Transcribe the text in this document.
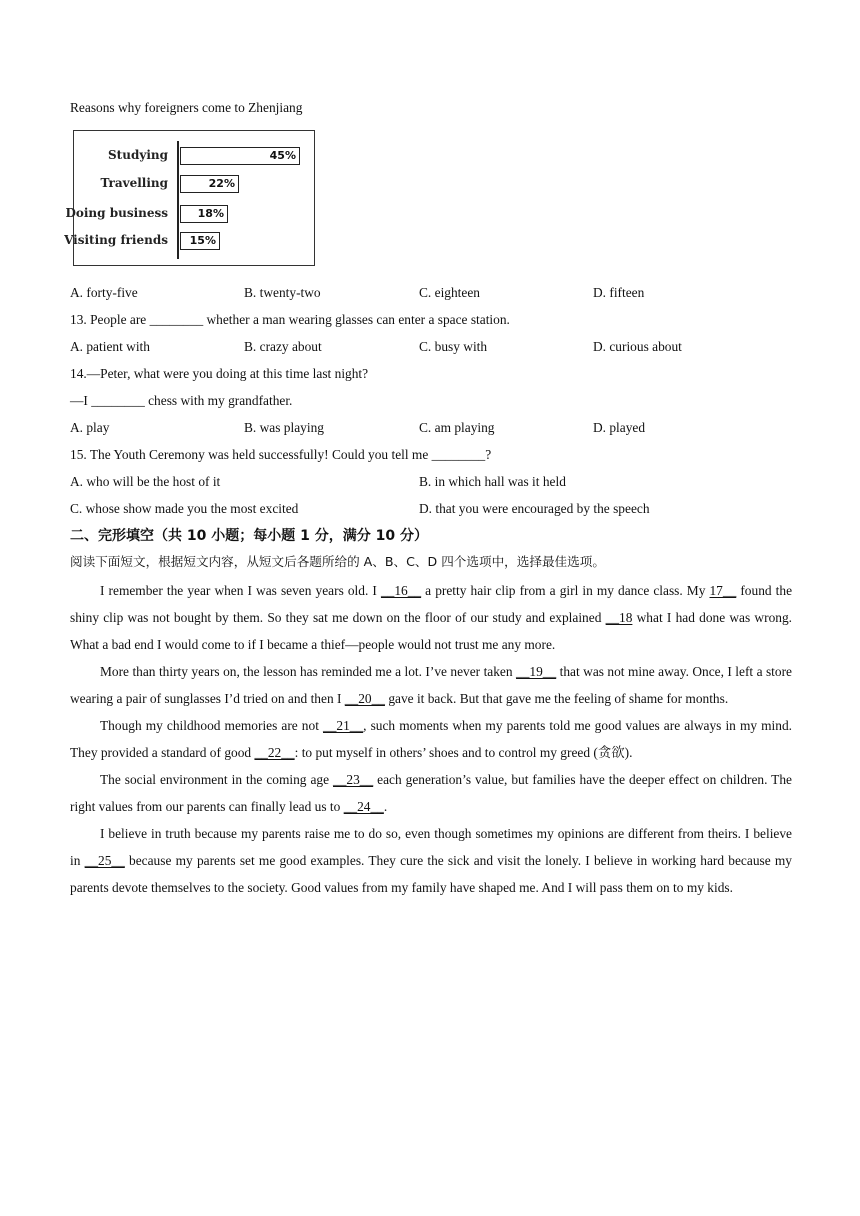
Reasons why foreigners come to Zhenjiang
Studying	45%
Travelling	22%
Doing business	18%
Visiting friends 15%
A. forty-five	B. twenty-two	C. eighteen	D. fifteen
13. People are ________ whether a man wearing glasses can enter a space station.
A. patient with	B. crazy about	C. busy with	D. curious about
14.—Peter, what were you doing at this time last night?
—I ________ chess with my grandfather.
A. play	B. was playing	C. am playing	D. played
15. The Youth Ceremony was held successfully! Could you tell me ________?
A. who will be the host of it	B. in which hall was it held
C. whose show made you the most excited	D. that you were encouraged by the speech
二、完形填空（共 10 小题；每小题 1 分，满分 10 分）
阅读下面短文，根据短文内容，从短文后各题所给的 A、B、C、D 四个选项中，选择最佳选项。

I remember the year when I was seven years old. I __16__ a pretty hair clip from a girl in my dance class. My 17__ found the shiny clip was not bought by them. So they sat me down on the floor of our study and explained __18 what I had done was wrong. What a bad end I would come to if I became a thief—people would not trust me any more.

More than thirty years on, the lesson has reminded me a lot. I’ve never taken __19__ that was not mine away. Once, I left a store wearing a pair of sunglasses I’d tried on and then I __20__ gave it back. But that gave me the feeling of shame for months.

Though my childhood memories are not __21__, such moments when my parents told me good values are always in my mind. They provided a standard of good __22__: to put myself in others’ shoes and to control my greed (贪欲).

The social environment in the coming age __23__ each generation’s value, but families have the deeper effect on children. The right values from our parents can finally lead us to __24__.

I believe in truth because my parents raise me to do so, even though sometimes my opinions are different from theirs. I believe in __25__ because my parents set me good examples. They cure the sick and visit the lonely. I believe in working hard because my parents devote themselves to the society. Good values from my family have shaped me. And I will pass them on to my kids.
